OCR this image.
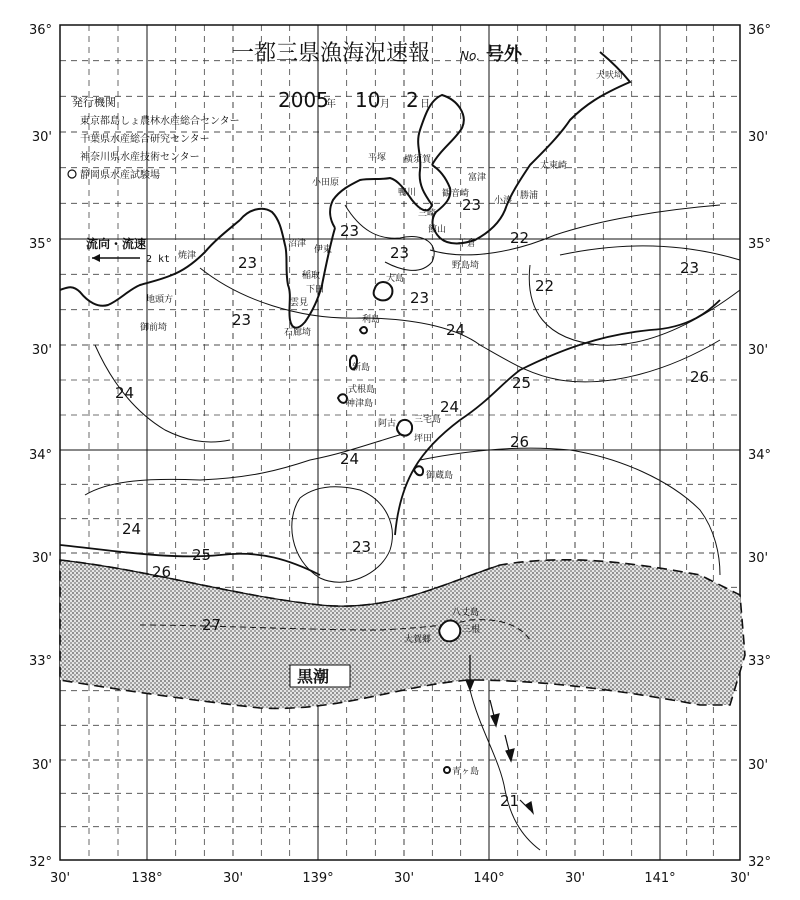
36°
30'
35°
30'
34°
30'
33°
30'
32°
36°
30'
35°
30'
34°
30'
33°
30'
32°
30'	138°	30'	139°	30'	140°	30'	141°	30'
犬吠埼
太東崎
勝浦
小湊
富津
観音崎
平塚 横須賀
小田原
鴨川
三崎
館山
千倉
野島埼
沼津
伊東
焼津
稲取
下田
雲見
地頭方
御前埼	石廊埼
大島
利島
新島
式根島
神津島
三宅島
阿古
坪田
御蔵島
八丈島
大賀郷
三根
青ヶ島
23
23
23
23
23
23
22
22
23
24
24
24
24
24
25	26
26
25
26
23
27
21
一都三県漁海況速報 No. 号外
2005
年 10 月 2 日
発行機関
東京都島しょ農林水産総合センター
千葉県水産総合研究センター
神奈川県水産技術センター
静岡県水産試験場
流向・流速
2 kt
黒潮
